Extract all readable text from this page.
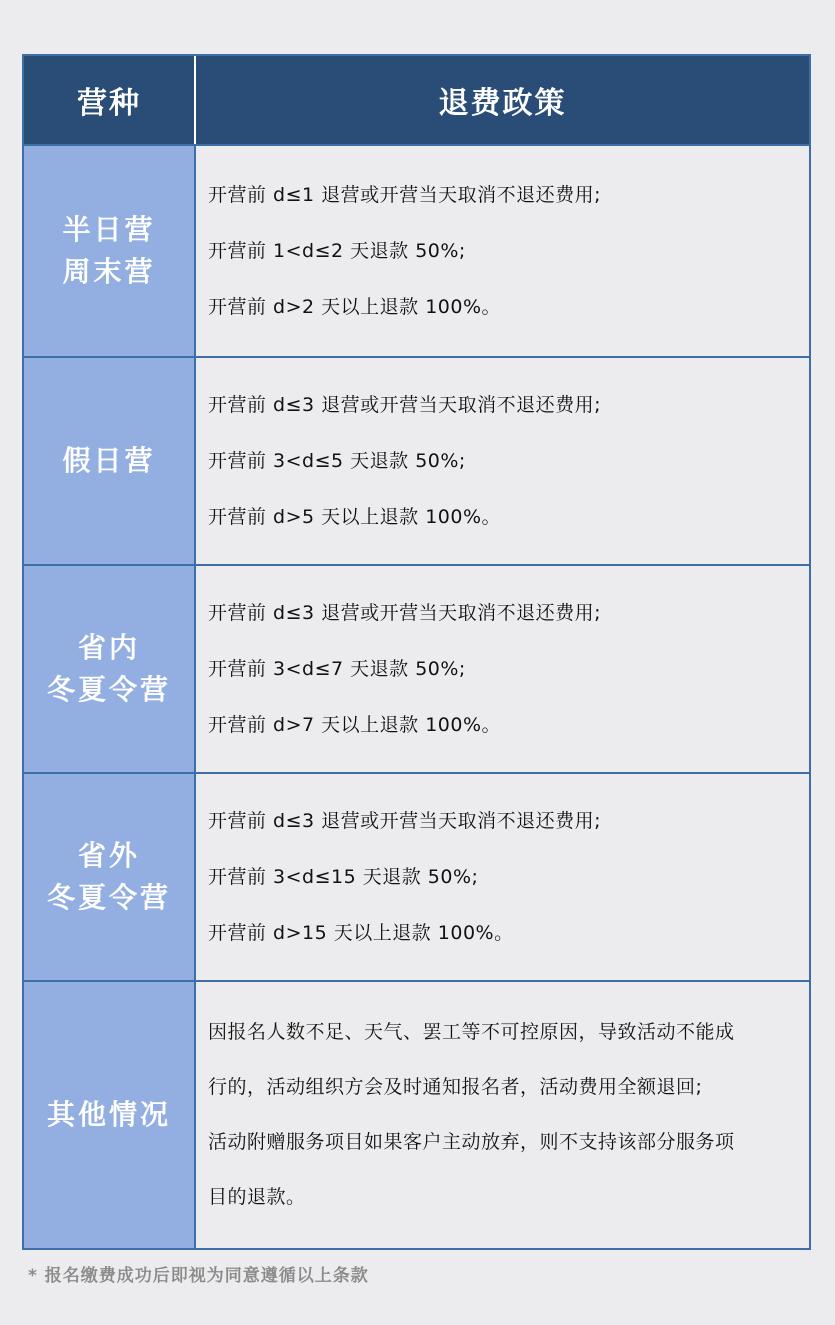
营种	退费政策
半日营
周末营
开营前 d≤1 退营或开营当天取消不退还费用;
开营前 1<d≤2 天退款 50%;
开营前 d>2 天以上退款 100%。
假日营
开营前 d≤3 退营或开营当天取消不退还费用;
开营前 3<d≤5 天退款 50%;
开营前 d>5 天以上退款 100%。
省内
冬夏令营
开营前 d≤3 退营或开营当天取消不退还费用;
开营前 3<d≤7 天退款 50%;
开营前 d>7 天以上退款 100%。
省外
冬夏令营
开营前 d≤3 退营或开营当天取消不退还费用;
开营前 3<d≤15 天退款 50%;
开营前 d>15 天以上退款 100%。
其他情况
因报名人数不足、天气、罢工等不可控原因，导致活动不能成
行的，活动组织方会及时通知报名者，活动费用全额退回;
活动附赠服务项目如果客户主动放弃，则不支持该部分服务项
目的退款。
* 报名缴费成功后即视为同意遵循以上条款
